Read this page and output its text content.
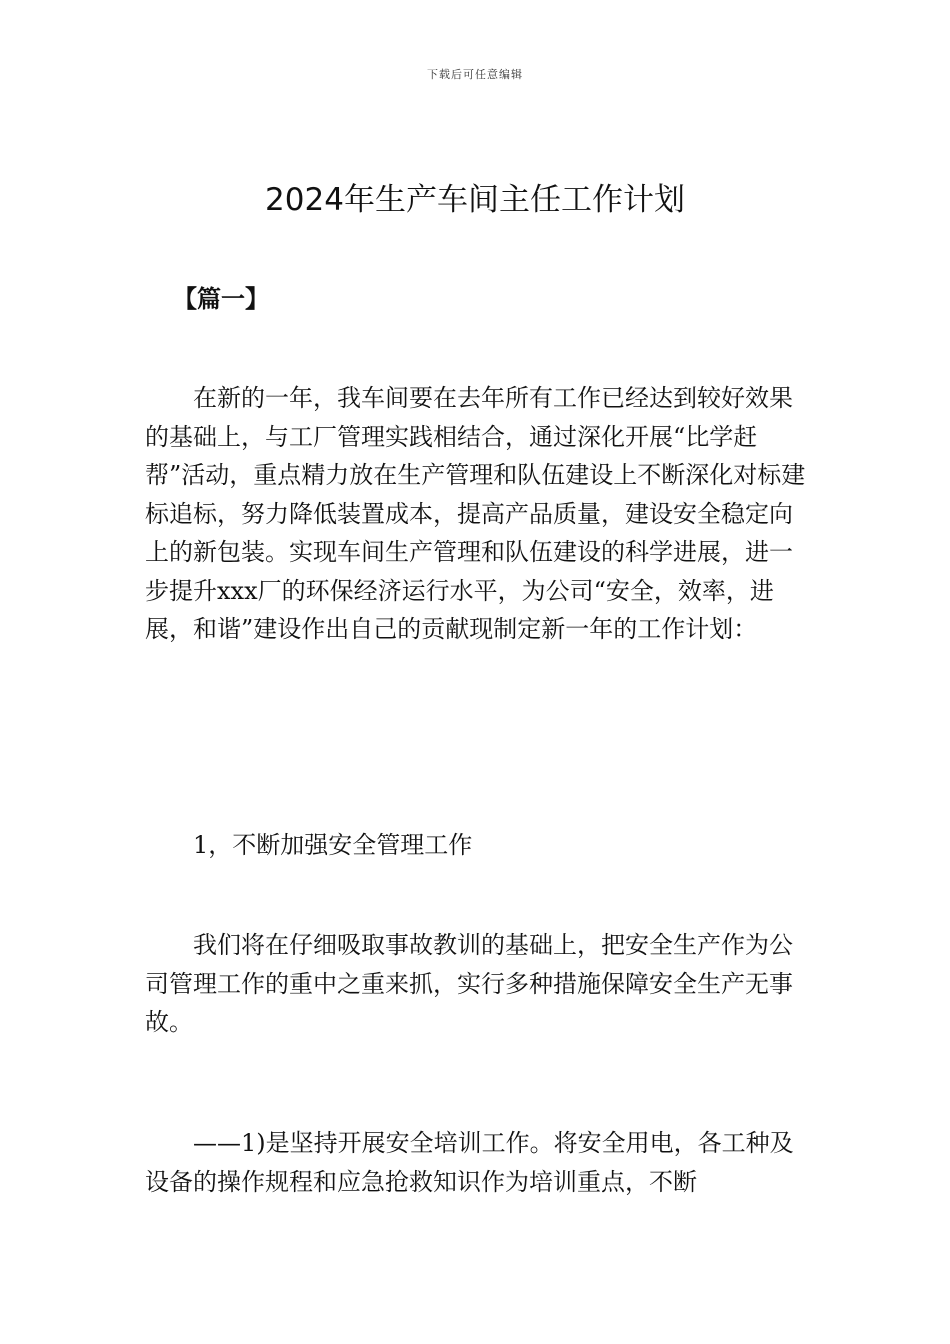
下载后可任意编辑
2024年生产车间主任工作计划
【篇一】

在新的一年，我车间要在去年所有工作已经达到较好效果的基础上，与工厂管理实践相结合，通过深化开展“比学赶帮”活动，重点精力放在生产管理和队伍建设上不断深化对标建标追标，努力降低装置成本，提高产品质量，建设安全稳定向上的新包装。实现车间生产管理和队伍建设的科学进展，进一步提升xxx厂的环保经济运行水平，为公司“安全，效率，进展，和谐”建设作出自己的贡献现制定新一年的工作计划：

1，不断加强安全管理工作

我们将在仔细吸取事故教训的基础上，把安全生产作为公司管理工作的重中之重来抓，实行多种措施保障安全生产无事故。

——1)是坚持开展安全培训工作。将安全用电，各工种及设备的操作规程和应急抢救知识作为培训重点，不断
